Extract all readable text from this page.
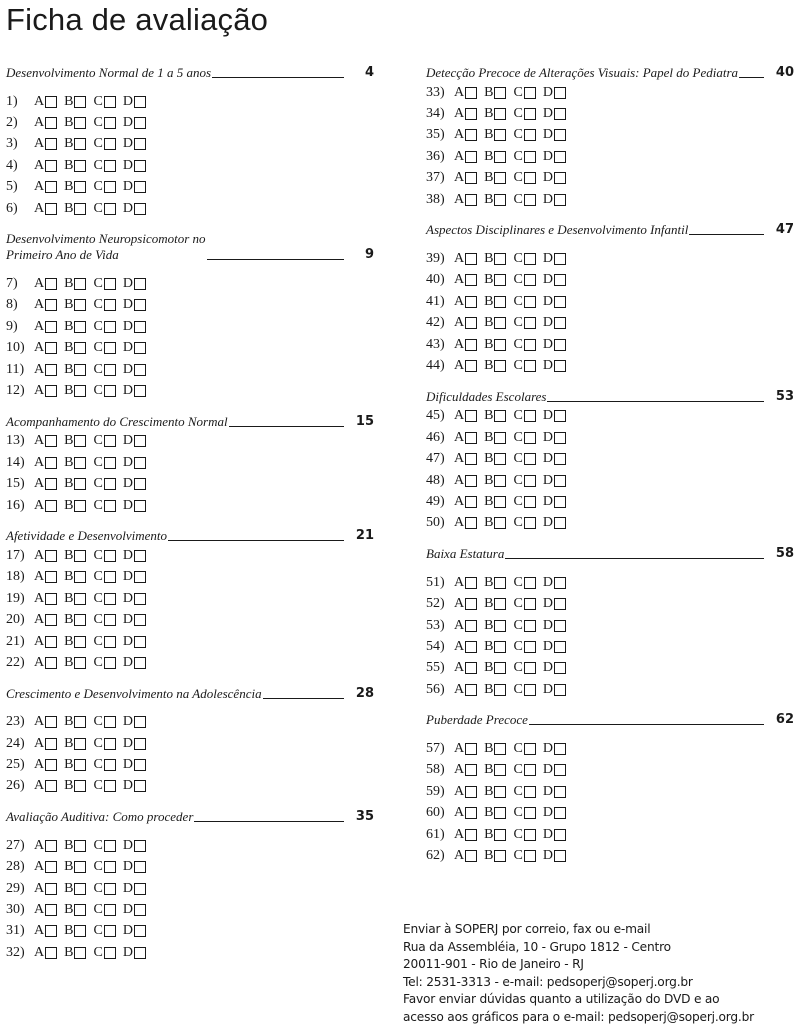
Ficha de avaliação
Desenvolvimento Normal de 1 a 5 anos	4
1)	A B C D
2)	A B C D
3)	A B C D
4)	A B C D
5)	A B C D
6)	A B C D
Desenvolvimento Neuropsicomotor no
Primeiro Ano de Vida	9
7)	A B C D
8)	A B C D
9)	A B C D
10) A B C D
11) A B C D
12) A B C D
Acompanhamento do Crescimento Normal	15
13) A B C D
14) A B C D
15) A B C D
16) A B C D
Afetividade e Desenvolvimento	21
17) A B C D
18) A B C D
19) A B C D
20) A B C D
21) A B C D
22) A B C D
Crescimento e Desenvolvimento na Adolescência	28
23) A B C D
24) A B C D
25) A B C D
26) A B C D
Avaliação Auditiva: Como proceder	35
27) A B C D
28) A B C D
29) A B C D
30) A B C D
31) A B C D
32) A B C D
Detecção Precoce de Alterações Visuais: Papel do Pediatra	40
33) A B C D
34) A B C D
35) A B C D
36) A B C D
37) A B C D
38) A B C D
Aspectos Disciplinares e Desenvolvimento Infantil	47
39) A B C D
40) A B C D
41) A B C D
42) A B C D
43) A B C D
44) A B C D
Dificuldades Escolares	53
45) A B C D
46) A B C D
47) A B C D
48) A B C D
49) A B C D
50) A B C D
Baixa Estatura	58
51) A B C D
52) A B C D
53) A B C D
54) A B C D
55) A B C D
56) A B C D
Puberdade Precoce	62
57) A B C D
58) A B C D
59) A B C D
60) A B C D
61) A B C D
62) A B C D
Enviar à SOPERJ por correio, fax ou e-mail
Rua da Assembléia, 10 - Grupo 1812 - Centro
20011-901 - Rio de Janeiro - RJ
Tel: 2531-3313 - e-mail: pedsoperj@soperj.org.br
Favor enviar dúvidas quanto a utilização do DVD e ao
acesso aos gráficos para o e-mail: pedsoperj@soperj.org.br
